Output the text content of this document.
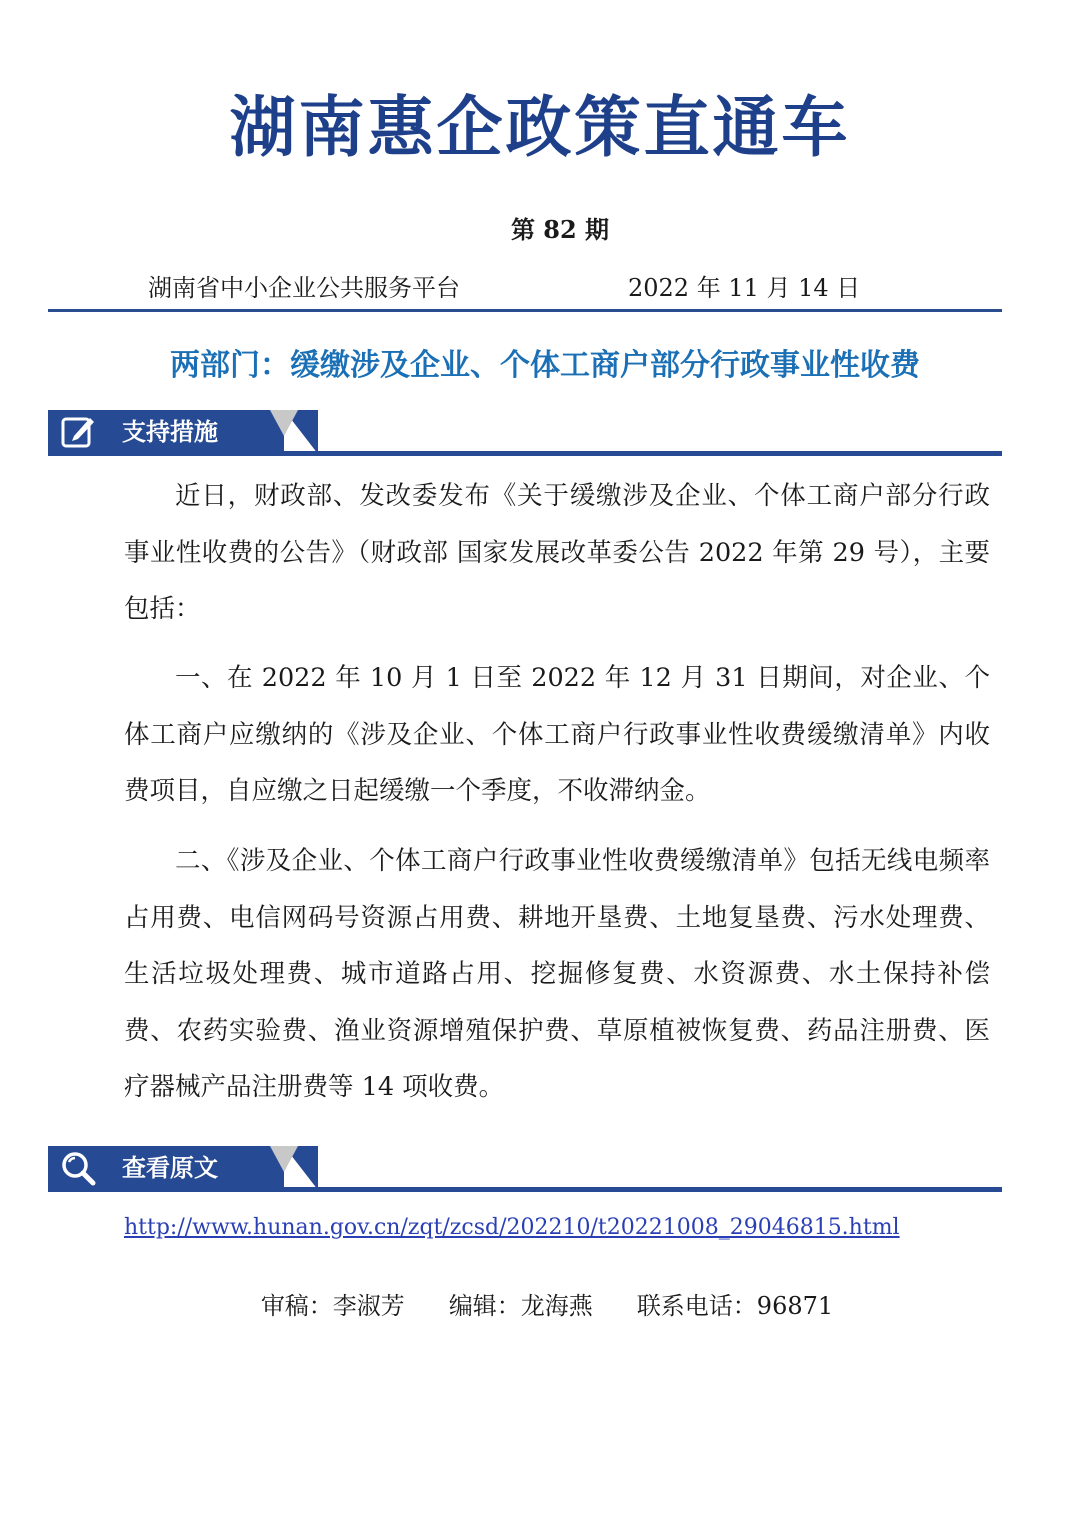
湖南惠企政策直通车
第 82 期
湖南省中小企业公共服务平台	2022 年 11 月 14 日
两部门：缓缴涉及企业、个体工商户部分行政事业性收费
支持措施

近日，财政部、发改委发布《关于缓缴涉及企业、个体工商户部分行政事业性收费的公告》（财政部 国家发展改革委公告 2022 年第 29 号），主要包括：

一、在 2022 年 10 月 1 日至 2022 年 12 月 31 日期间，对企业、个体工商户应缴纳的《涉及企业、个体工商户行政事业性收费缓缴清单》内收费项目，自应缴之日起缓缴一个季度，不收滞纳金。

二、《涉及企业、个体工商户行政事业性收费缓缴清单》包括无线电频率占用费、电信网码号资源占用费、耕地开垦费、土地复垦费、污水处理费、生活垃圾处理费、城市道路占用、挖掘修复费、水资源费、水土保持补偿费、农药实验费、渔业资源增殖保护费、草原植被恢复费、药品注册费、医疗器械产品注册费等 14 项收费。

查看原文
http://www.hunan.gov.cn/zqt/zcsd/202210/t20221008_29046815.html
审稿：李淑芳 编辑：龙海燕 联系电话：96871
